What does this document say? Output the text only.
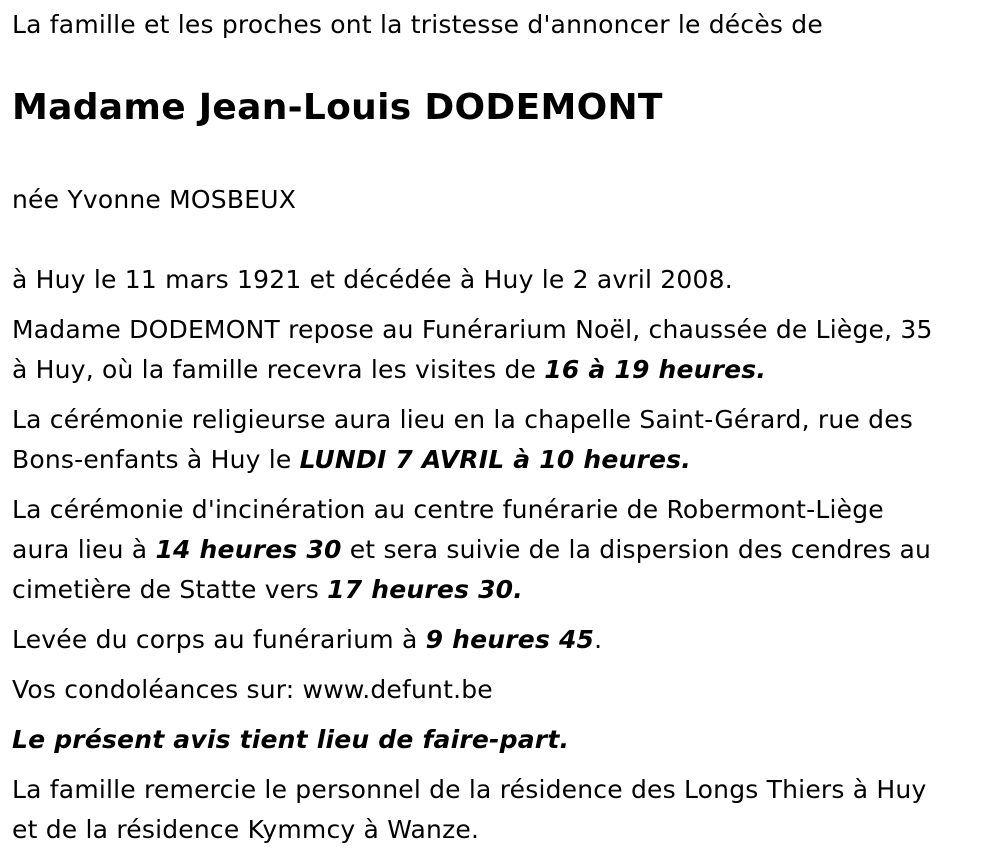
La famille et les proches ont la tristesse d'annoncer le décès de
Madame Jean-Louis DODEMONT
née Yvonne MOSBEUX
à Huy le 11 mars 1921 et décédée à Huy le 2 avril 2008.
Madame DODEMONT repose au Funérarium Noël, chaussée de Liège, 35
à Huy, où la famille recevra les visites de 16 à 19 heures.
La cérémonie religieurse aura lieu en la chapelle Saint-Gérard, rue des
Bons-enfants à Huy le LUNDI 7 AVRIL à 10 heures.
La cérémonie d'incinération au centre funérarie de Robermont-Liège
aura lieu à 14 heures 30 et sera suivie de la dispersion des cendres au
cimetière de Statte vers 17 heures 30.
Levée du corps au funérarium à 9 heures 45.
Vos condoléances sur: www.defunt.be
Le présent avis tient lieu de faire-part.
La famille remercie le personnel de la résidence des Longs Thiers à Huy
et de la résidence Kymmcy à Wanze.
